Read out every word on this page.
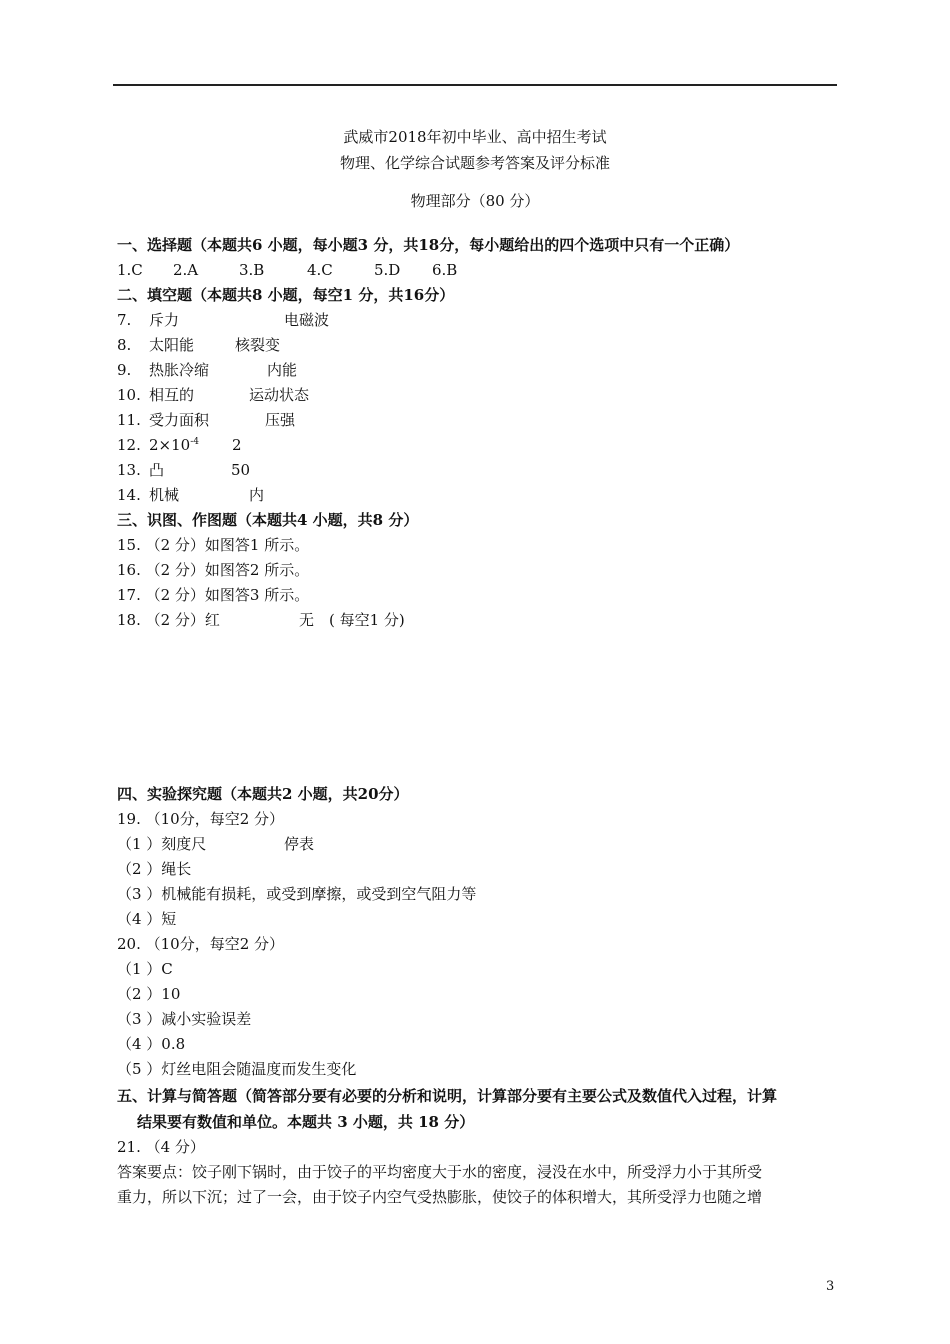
武威市2018年初中毕业、高中招生考试
物理、化学综合试题参考答案及评分标准
物理部分（80 分）
一、选择题（本题共6 小题，每小题3 分，共18分，每小题给出的四个选项中只有一个正确）
1.C 2.A	3.B	4.C	5.D 6.B
二、填空题（本题共8 小题，每空1 分，共16分）
7. 斥力	电磁波
8. 太阳能	核裂变
9. 热胀冷缩	内能
10. 相互的	运动状态
11. 受力面积	压强
12. $2\times 10^{-4}$ 2
13. 凸	50
14. 机械	内
三、识图、作图题（本题共4 小题，共8 分）
15. （2 分）如图答1 所示。
16. （2 分）如图答2 所示。
17. （2 分）如图答3 所示。
18. （2 分）红	无 ( 每空1 分)
四、实验探究题（本题共2 小题，共20分）
19. （10分，每空2 分）
（1 ）刻度尺	停表
（2 ）绳长
（3 ）机械能有损耗，或受到摩擦，或受到空气阻力等
（4 ）短
20. （10分，每空2 分）
（1 ）C
（2 ）10
（3 ）减小实验误差
（4 ）0.8
（5 ）灯丝电阻会随温度而发生变化
五、计算与简答题（简答部分要有必要的分析和说明，计算部分要有主要公式及数值代入过程，计算
结果要有数值和单位。本题共 3 小题，共 18 分）
21. （4 分）
答案要点：饺子刚下锅时，由于饺子的平均密度大于水的密度，浸没在水中，所受浮力小于其所受
重力，所以下沉；过了一会，由于饺子内空气受热膨胀，使饺子的体积增大，其所受浮力也随之增
3
